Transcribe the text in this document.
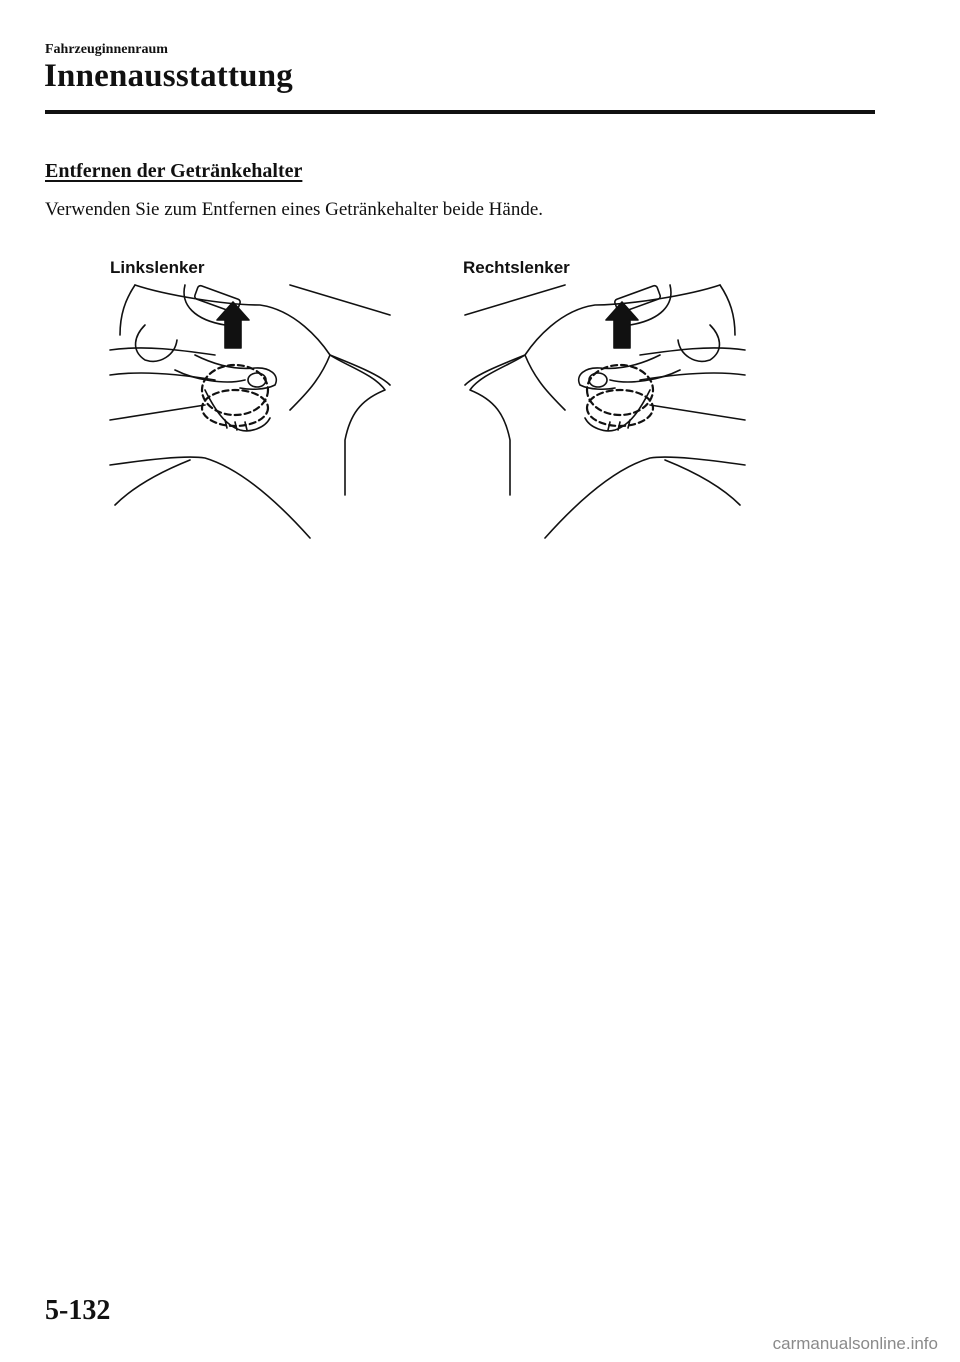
Fahrzeuginnenraum
Innenausstattung
Entfernen der Getränkehalter
Verwenden Sie zum Entfernen eines Getränkehalter beide Hände.
Linkslenker	Rechtslenker
5-132
carmanualsonline.info
